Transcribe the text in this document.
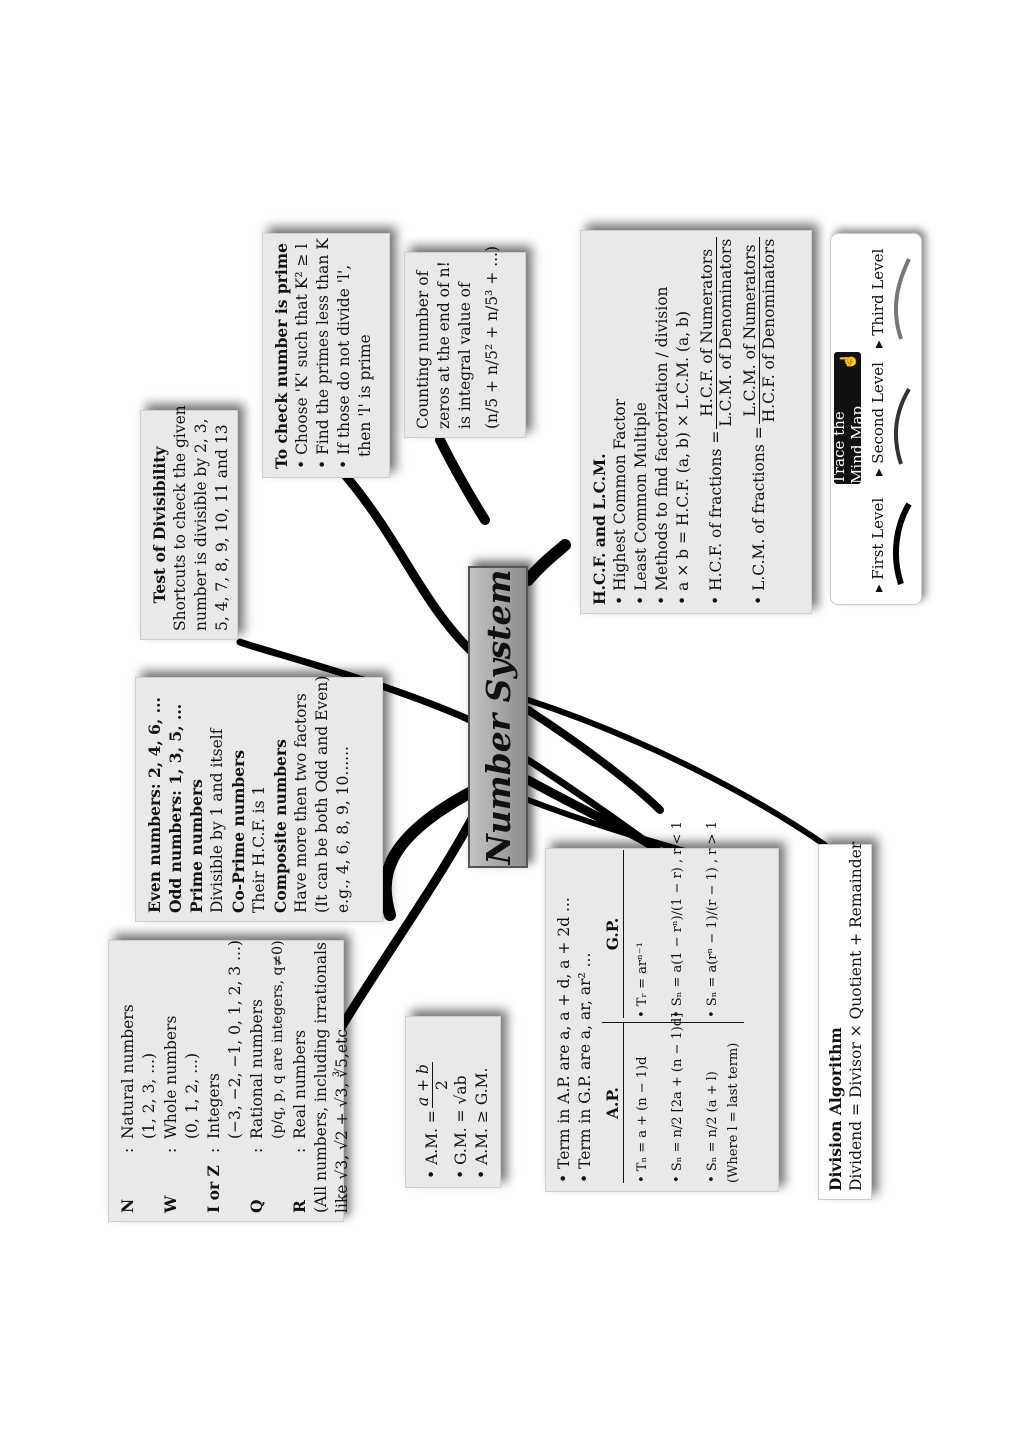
Number System
N:Natural numbers (1, 2, 3, ...)
W:Whole numbers (0, 1, 2, ...)
I or Z:Integers (−3, −2, −1, 0, 1, 2, 3 ...)
Q:Rational numbers (p/q, p, q are integers, q≠0)
R:Real numbers (All numbers, including irrationals like √3, √2 + √3, ∛5,etc.
Even numbers: 2, 4, 6, ... Odd numbers: 1, 3, 5, ... Prime numbers Divisible by 1 and itself Co-Prime numbers Their H.C.F. is 1 Composite numbers Have more then two factors (It can be both Odd and Even) e.g., 4, 6, 8, 9, 10......
Test of Divisibility Shortcuts to check the given number is divisible by 2, 3, 5, 4, 7, 8, 9, 10, 11 and 13
To check number is prime • Choose 'K' such that K² ≥ l • Find the primes less than K • If those do not divide 'l', then 'l' is prime	Counting number of zeros at the end of n! is integral value of (n/5 + n/5² + n/5³ + ...)
H.C.F. and L.C.M. • Highest Common Factor • Least Common Multiple • Methods to find factorization / division • a × b = H.C.F. (a, b) × L.C.M. (a, b) • H.C.F. of fractions =
H.C.F. of Numerators L.C.M. of Denominators
• L.C.M. of fractions =
L.C.M. of Numerators H.C.F. of Denominators
• A.M. =
a + b 2 • G.M. = √ab • A.M. ≥ G.M.	• Term in A.P. are a, a + d, a + 2d ... • Term in G.P. are a, ar, ar² ... A.P. • Tₙ = a + (n − 1)d • Sₙ = n/2 [2a + (n − 1)d] • Sₙ = n/2 (a + l) (Where l = last term)
G.P.
• Tᵣ = arⁿ⁻¹ • Sₙ = a(1 − rⁿ)/(1 − r) , r < 1 • Sₙ = a(rⁿ − 1)/(r − 1) , r > 1
Division Algorithm Dividend = Divisor × Quotient + Remainder
Trace the Mind Map
☝
▸ First Level
▸ Second Level
▸ Third Level
